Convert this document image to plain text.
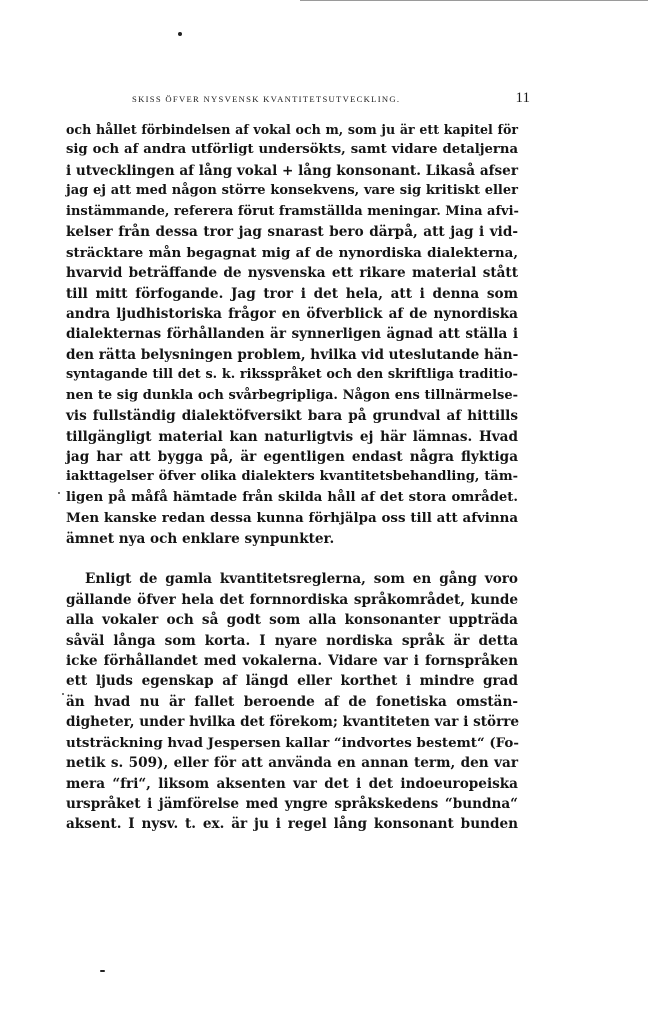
SKISS ÖFVER NYSVENSK KVANTITETSUTVECKLING.	11
och hållet förbindelsen af vokal och m, som ju är ett kapitel för
sig och af andra utförligt undersökts, samt vidare detaljerna
i utvecklingen af lång vokal + lång konsonant. Likaså afser
jag ej att med någon större konsekvens, vare sig kritiskt eller
instämmande, referera förut framställda meningar. Mina afvi-
kelser från dessa tror jag snarast bero därpå, att jag i vid-
sträcktare mån begagnat mig af de nynordiska dialekterna,
hvarvid beträffande de nysvenska ett rikare material stått
till mitt förfogande. Jag tror i det hela, att i denna som
andra ljudhistoriska frågor en öfverblick af de nynordiska
dialekternas förhållanden är synnerligen ägnad att ställa i
den rätta belysningen problem, hvilka vid uteslutande hän-
syntagande till det s. k. riksspråket och den skriftliga traditio-
nen te sig dunkla och svårbegripliga. Någon ens tillnärmelse-
vis fullständig dialektöfversikt bara på grundval af hittills
tillgängligt material kan naturligtvis ej här lämnas. Hvad
jag har att bygga på, är egentligen endast några flyktiga
iakttagelser öfver olika dialekters kvantitetsbehandling, täm-
ligen på måfå hämtade från skilda håll af det stora området.
Men kanske redan dessa kunna förhjälpa oss till att afvinna
ämnet nya och enklare synpunkter.
Enligt de gamla kvantitetsreglerna, som en gång voro
gällande öfver hela det fornnordiska språkområdet, kunde
alla vokaler och så godt som alla konsonanter uppträda
såväl långa som korta. I nyare nordiska språk är detta
icke förhållandet med vokalerna. Vidare var i fornspråken
ett ljuds egenskap af längd eller korthet i mindre grad
än hvad nu är fallet beroende af de fonetiska omstän-
digheter, under hvilka det förekom; kvantiteten var i större
utsträckning hvad Jespersen kallar “indvortes bestemt“ (Fo-
netik s. 509), eller för att använda en annan term, den var
mera “fri“, liksom aksenten var det i det indoeuropeiska
urspråket i jämförelse med yngre språkskedens “bundna“
aksent. I nysv. t. ex. är ju i regel lång konsonant bunden
